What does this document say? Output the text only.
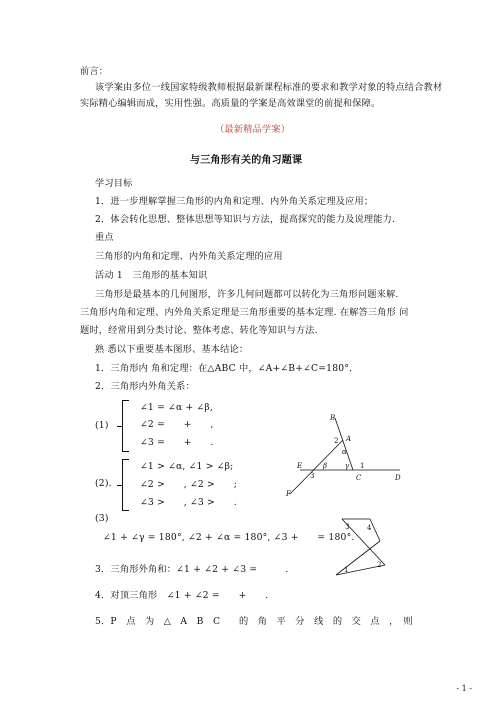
前言：
该学案由多位一线国家特级教师根据最新课程标准的要求和教学对象的特点结合教材
实际精心编辑而成，实用性强。高质量的学案是高效课堂的前提和保障。
（最新精品学案）
与三角形有关的角习题课
学习目标
1．进一步理解掌握三角形的内角和定理、内外角关系定理及应用；
2．体会转化思想、整体思想等知识与方法，提高探究的能力及说理能力.
重点
三角形的内角和定理、内外角关系定理的应用
活动 1　三角形的基本知识
三角形是最基本的几何图形，许多几何问题都可以转化为三角形问题来解.
三角形内角和定理、内外角关系定理是三角形重要的基本定理. 在解答三角形 问
题时，经常用到分类讨论、整体考虑、转化等知识与方法.
熟 悉以下重要基本图形、基本结论：
1．三角形内 角和定理：在△ABC 中，∠A+∠B+∠C=180°．
2．三角形内外角关系：
(1)
∠1 = ∠α + ∠β,
∠2 =　　+　　,
∠3 =　　+　　.
(2)．
∠1 > ∠α, ∠1 > ∠β;
∠2 >　　, ∠2 >　　;
∠3 >　　, ∠3 >　　.
(3)
∠1 + ∠γ = 180°, ∠2 + ∠α = 180°, ∠3 +　　= 180°.
3．三角形外角和：∠1 + ∠2 + ∠3 =　　　.
4．对顶三角形　∠1 + ∠2 =　　+　　.
5．P　点　为　△　A　B　C　　的　角　平　分　线　的　交　点　，　则
B
A
C	D
E
F
2
1
3
α
β	γ
3	4
1
2
- 1 -
